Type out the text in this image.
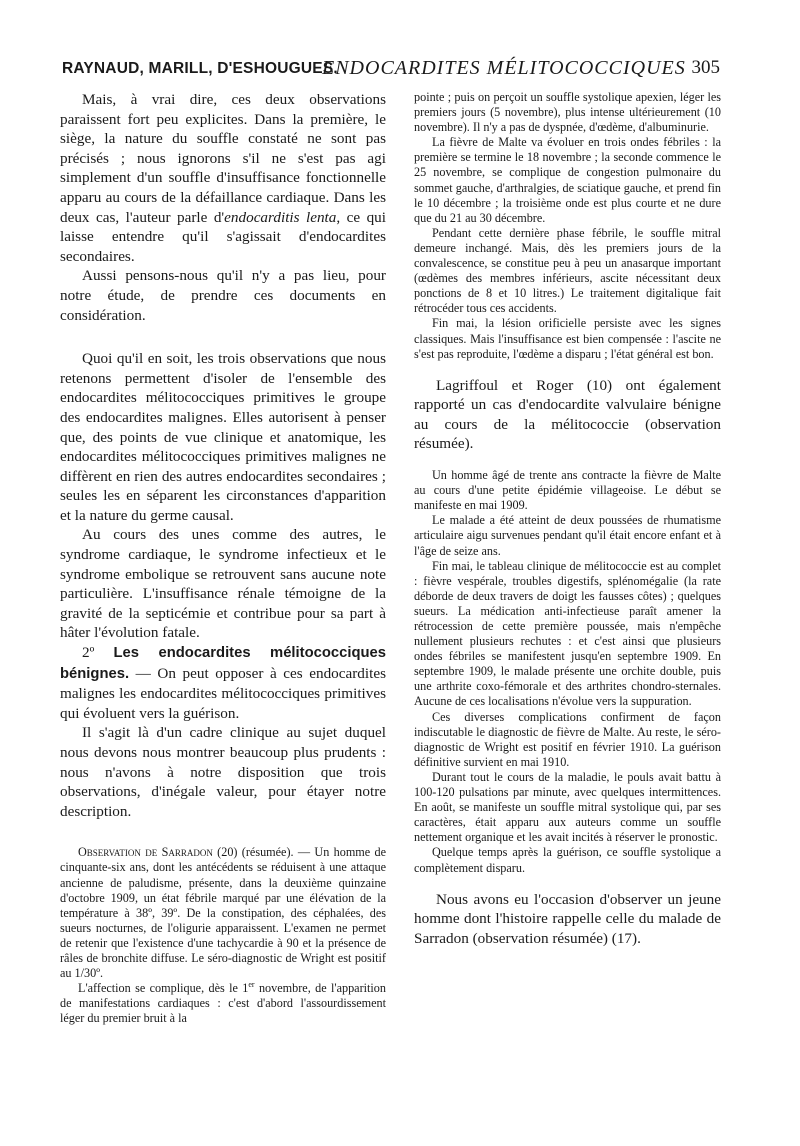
RAYNAUD, MARILL, D'ESHOUGUES.
ENDOCARDITES MÉLITOCOCCIQUES 305

Mais, à vrai dire, ces deux observations paraissent fort peu explicites. Dans la première, le siège, la nature du souffle constaté ne sont pas précisés ; nous ignorons s'il ne s'est pas agi simplement d'un souffle d'insuffisance fonctionnelle apparu au cours de la défaillance cardiaque. Dans les deux cas, l'auteur parle d'endocarditis lenta, ce qui laisse entendre qu'il s'agissait d'endocardites secondaires.

Aussi pensons-nous qu'il n'y a pas lieu, pour notre étude, de prendre ces documents en considération.

Quoi qu'il en soit, les trois observations que nous retenons permettent d'isoler de l'ensemble des endocardites mélitococciques primitives le groupe des endocardites malignes. Elles autorisent à penser que, des points de vue clinique et anatomique, les endocardites mélitococciques primitives malignes ne diffèrent en rien des autres endocardites secondaires ; seules les en séparent les circonstances d'apparition et la nature du germe causal.

Au cours des unes comme des autres, le syndrome cardiaque, le syndrome infectieux et le syndrome embolique se retrouvent sans aucune note particulière. L'insuffisance rénale témoigne de la gravité de la septicémie et contribue pour sa part à hâter l'évolution fatale.

2º Les endocardites mélitococciques bénignes. — On peut opposer à ces endocardites malignes les endocardites mélitococciques primitives qui évoluent vers la guérison.

Il s'agit là d'un cadre clinique au sujet duquel nous devons nous montrer beaucoup plus prudents : nous n'avons à notre disposition que trois observations, d'inégale valeur, pour étayer notre description.

Observation de Sarradon (20) (résumée). — Un homme de cinquante-six ans, dont les antécédents se réduisent à une attaque ancienne de paludisme, présente, dans la deuxième quinzaine d'octobre 1909, un état fébrile marqué par une élévation de la température à 38º, 39º. De la constipation, des céphalées, des sueurs nocturnes, de l'oligurie apparaissent. L'examen ne permet de retenir que l'existence d'une tachycardie à 90 et la présence de râles de bronchite diffuse. Le séro-diagnostic de Wright est positif au 1/30º.

L'affection se complique, dès le 1er novembre, de l'apparition de manifestations cardiaques : c'est d'abord l'assourdissement léger du premier bruit à la

pointe ; puis on perçoit un souffle systolique apexien, léger les premiers jours (5 novembre), plus intense ultérieurement (10 novembre). Il n'y a pas de dyspnée, d'œdème, d'albuminurie.

La fièvre de Malte va évoluer en trois ondes fébriles : la première se termine le 18 novembre ; la seconde commence le 25 novembre, se complique de congestion pulmonaire du sommet gauche, d'arthralgies, de sciatique gauche, et prend fin le 10 décembre ; la troisième onde est plus courte et ne dure que du 21 au 30 décembre.

Pendant cette dernière phase fébrile, le souffle mitral demeure inchangé. Mais, dès les premiers jours de la convalescence, se constitue peu à peu un anasarque important (œdèmes des membres inférieurs, ascite nécessitant deux ponctions de 8 et 10 litres.) Le traitement digitalique fait rétrocéder tous ces accidents.

Fin mai, la lésion orificielle persiste avec les signes classiques. Mais l'insuffisance est bien compensée : l'ascite ne s'est pas reproduite, l'œdème a disparu ; l'état général est bon.

Lagriffoul et Roger (10) ont également rapporté un cas d'endocardite valvulaire bénigne au cours de la mélitococcie (observation résumée).

Un homme âgé de trente ans contracte la fièvre de Malte au cours d'une petite épidémie villageoise. Le début se manifeste en mai 1909.

Le malade a été atteint de deux poussées de rhumatisme articulaire aigu survenues pendant qu'il était encore enfant et à l'âge de seize ans.

Fin mai, le tableau clinique de mélitococcie est au complet : fièvre vespérale, troubles digestifs, splénomégalie (la rate déborde de deux travers de doigt les fausses côtes) ; quelques sueurs. La médication anti-infectieuse paraît amener la rétrocession de cette première poussée, mais n'empêche nullement plusieurs rechutes : et c'est ainsi que plusieurs ondes fébriles se manifestent jusqu'en septembre 1909. En septembre 1909, le malade présente une orchite double, puis une arthrite coxo-fémorale et des arthrites chondro-sternales. Aucune de ces localisations n'évolue vers la suppuration.

Ces diverses complications confirment de façon indiscutable le diagnostic de fièvre de Malte. Au reste, le séro-diagnostic de Wright est positif en février 1910. La guérison définitive survient en mai 1910.

Durant tout le cours de la maladie, le pouls avait battu à 100-120 pulsations par minute, avec quelques intermittences. En août, se manifeste un souffle mitral systolique qui, par ses caractères, était apparu aux auteurs comme un souffle nettement organique et les avait incités à réserver le pronostic.

Quelque temps après la guérison, ce souffle systolique a complètement disparu.

Nous avons eu l'occasion d'observer un jeune homme dont l'histoire rappelle celle du malade de Sarradon (observation résumée) (17).
